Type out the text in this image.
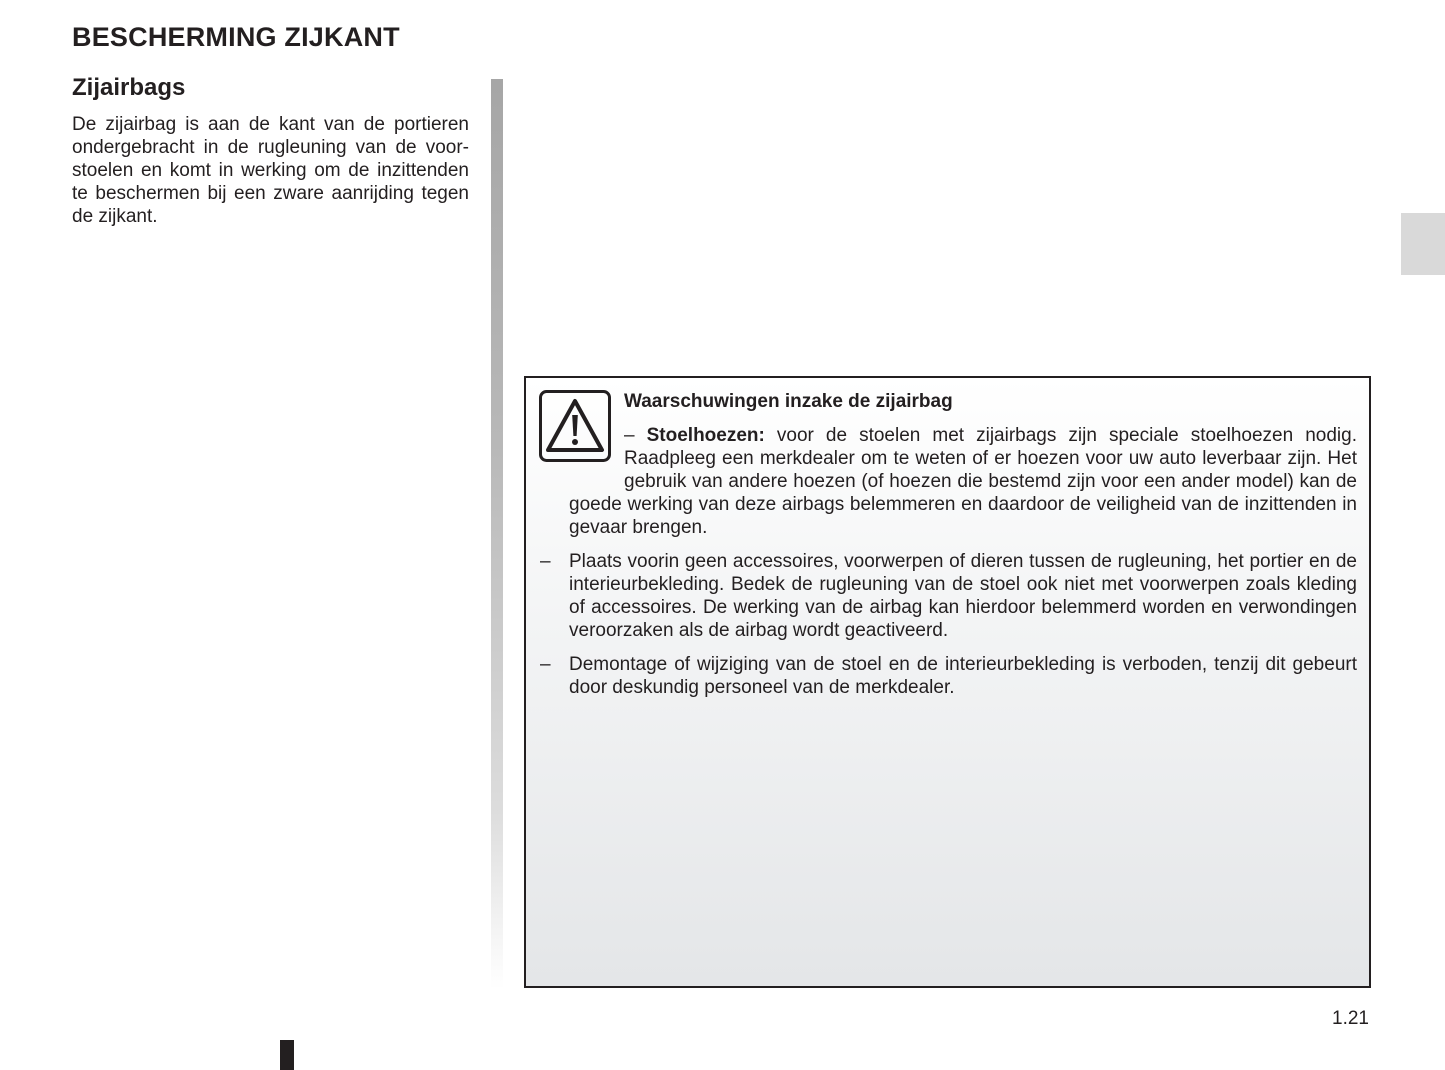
BESCHERMING ZIJKANT
Zijairbags

De zijairbag is aan de kant van de portieren ondergebracht in de rugleuning van de voorstoelen en komt in werking om de inzittenden te beschermen bij een zware aanrijding tegen de zijkant.

Waarschuwingen inzake de zijairbag

– Stoelhoezen: voor de stoelen met zijairbags zijn speciale stoelhoezen nodig. Raadpleeg een merkdealer om te weten of er hoezen voor uw auto leverbaar zijn. Het gebruik van andere hoezen (of hoezen die bestemd zijn voor een ander model) kan de goede werking van deze airbags belemmeren en daardoor de veiligheid van de inzittenden in gevaar brengen.

– Plaats voorin geen accessoires, voorwerpen of dieren tussen de rugleuning, het portier en de interieurbekleding. Bedek de rugleuning van de stoel ook niet met voorwerpen zoals kleding of accessoires. De werking van de airbag kan hierdoor belemmerd worden en verwondingen veroorzaken als de airbag wordt geactiveerd.

– Demontage of wijziging van de stoel en de interieurbekleding is verboden, tenzij dit gebeurt door deskundig personeel van de merkdealer.

1.21
